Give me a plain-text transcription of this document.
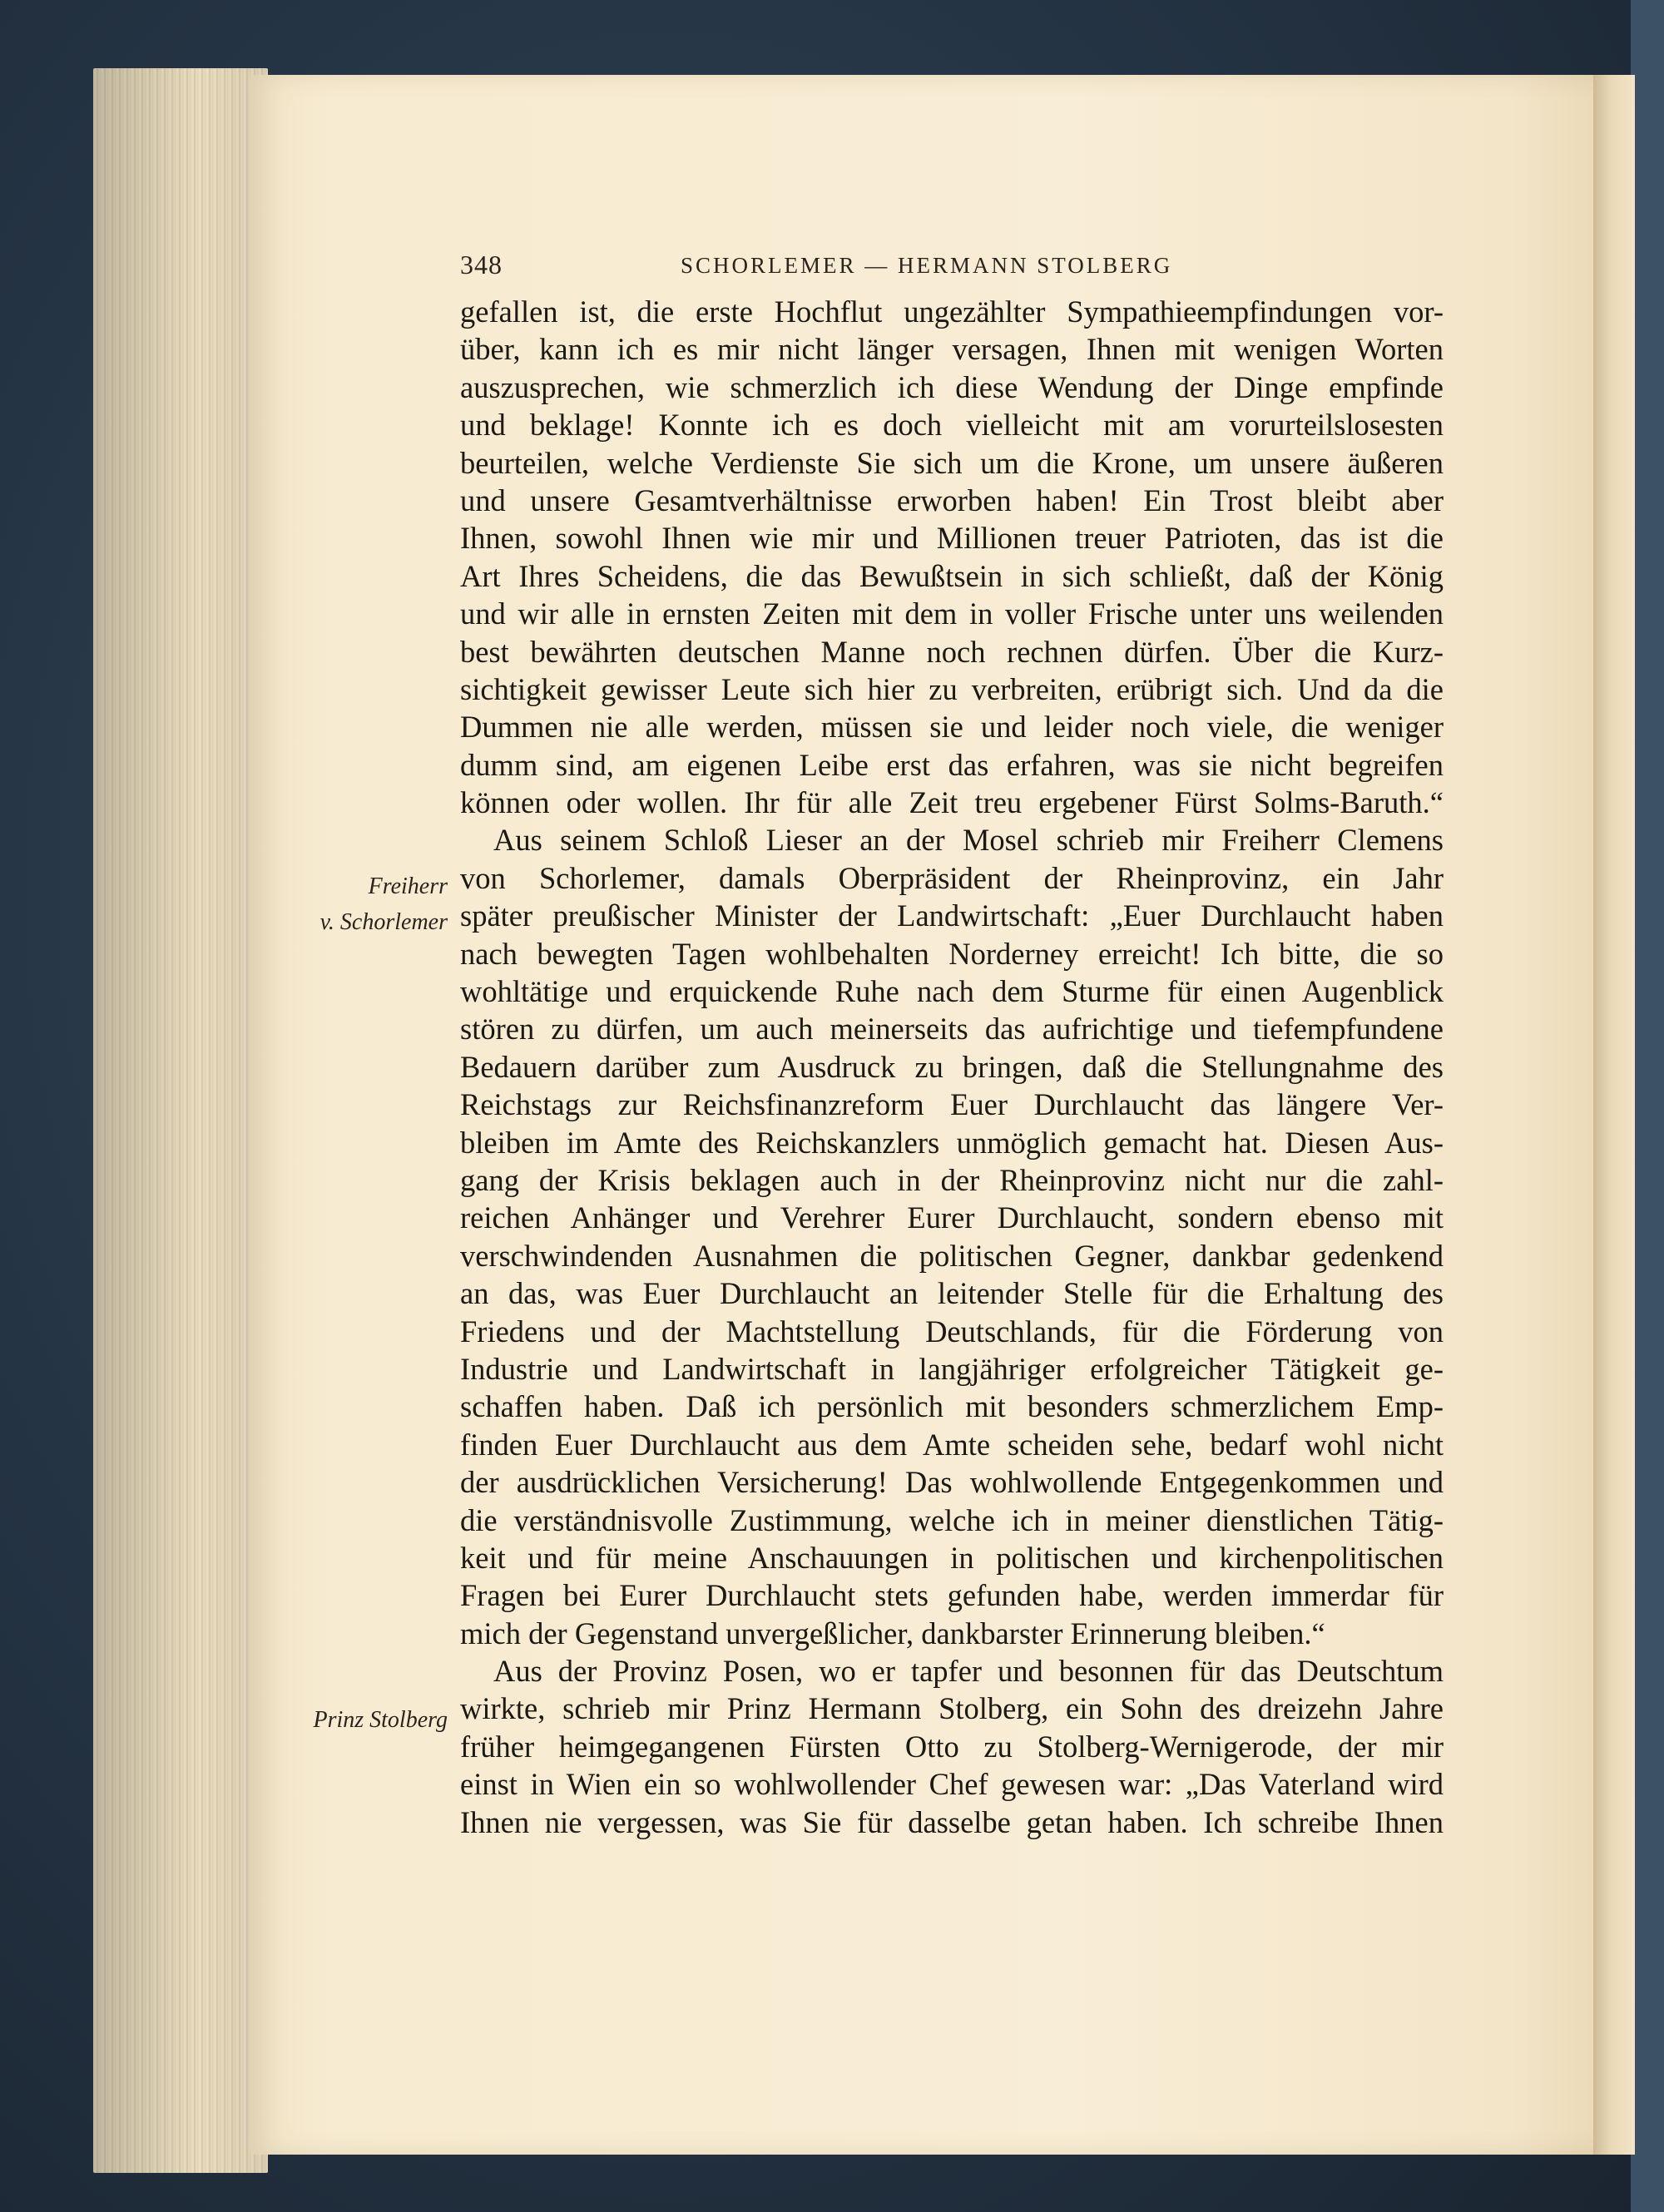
348	SCHORLEMER — HERMANN STOLBERG
Freiherr
v. Schorlemer
Prinz Stolberg
gefallen ist, die erste Hochflut ungezählter Sympathieempfindungen vor-
über, kann ich es mir nicht länger versagen, Ihnen mit wenigen Worten
auszusprechen, wie schmerzlich ich diese Wendung der Dinge empfinde
und beklage! Konnte ich es doch vielleicht mit am vorurteilslosesten
beurteilen, welche Verdienste Sie sich um die Krone, um unsere äußeren
und unsere Gesamtverhältnisse erworben haben! Ein Trost bleibt aber
Ihnen, sowohl Ihnen wie mir und Millionen treuer Patrioten, das ist die
Art Ihres Scheidens, die das Bewußtsein in sich schließt, daß der König
und wir alle in ernsten Zeiten mit dem in voller Frische unter uns weilenden
best bewährten deutschen Manne noch rechnen dürfen. Über die Kurz-
sichtigkeit gewisser Leute sich hier zu verbreiten, erübrigt sich. Und da die
Dummen nie alle werden, müssen sie und leider noch viele, die weniger
dumm sind, am eigenen Leibe erst das erfahren, was sie nicht begreifen
können oder wollen. Ihr für alle Zeit treu ergebener Fürst Solms-Baruth.“
Aus seinem Schloß Lieser an der Mosel schrieb mir Freiherr Clemens
von Schorlemer, damals Oberpräsident der Rheinprovinz, ein Jahr
später preußischer Minister der Landwirtschaft: „Euer Durchlaucht haben
nach bewegten Tagen wohlbehalten Norderney erreicht! Ich bitte, die so
wohltätige und erquickende Ruhe nach dem Sturme für einen Augenblick
stören zu dürfen, um auch meinerseits das aufrichtige und tiefempfundene
Bedauern darüber zum Ausdruck zu bringen, daß die Stellungnahme des
Reichstags zur Reichsfinanzreform Euer Durchlaucht das längere Ver-
bleiben im Amte des Reichskanzlers unmöglich gemacht hat. Diesen Aus-
gang der Krisis beklagen auch in der Rheinprovinz nicht nur die zahl-
reichen Anhänger und Verehrer Eurer Durchlaucht, sondern ebenso mit
verschwindenden Ausnahmen die politischen Gegner, dankbar gedenkend
an das, was Euer Durchlaucht an leitender Stelle für die Erhaltung des
Friedens und der Machtstellung Deutschlands, für die Förderung von
Industrie und Landwirtschaft in langjähriger erfolgreicher Tätigkeit ge-
schaffen haben. Daß ich persönlich mit besonders schmerzlichem Emp-
finden Euer Durchlaucht aus dem Amte scheiden sehe, bedarf wohl nicht
der ausdrücklichen Versicherung! Das wohlwollende Entgegenkommen und
die verständnisvolle Zustimmung, welche ich in meiner dienstlichen Tätig-
keit und für meine Anschauungen in politischen und kirchenpolitischen
Fragen bei Eurer Durchlaucht stets gefunden habe, werden immerdar für
mich der Gegenstand unvergeßlicher, dankbarster Erinnerung bleiben.“
Aus der Provinz Posen, wo er tapfer und besonnen für das Deutschtum
wirkte, schrieb mir Prinz Hermann Stolberg, ein Sohn des dreizehn Jahre
früher heimgegangenen Fürsten Otto zu Stolberg-Wernigerode, der mir
einst in Wien ein so wohlwollender Chef gewesen war: „Das Vaterland wird
Ihnen nie vergessen, was Sie für dasselbe getan haben. Ich schreibe Ihnen
